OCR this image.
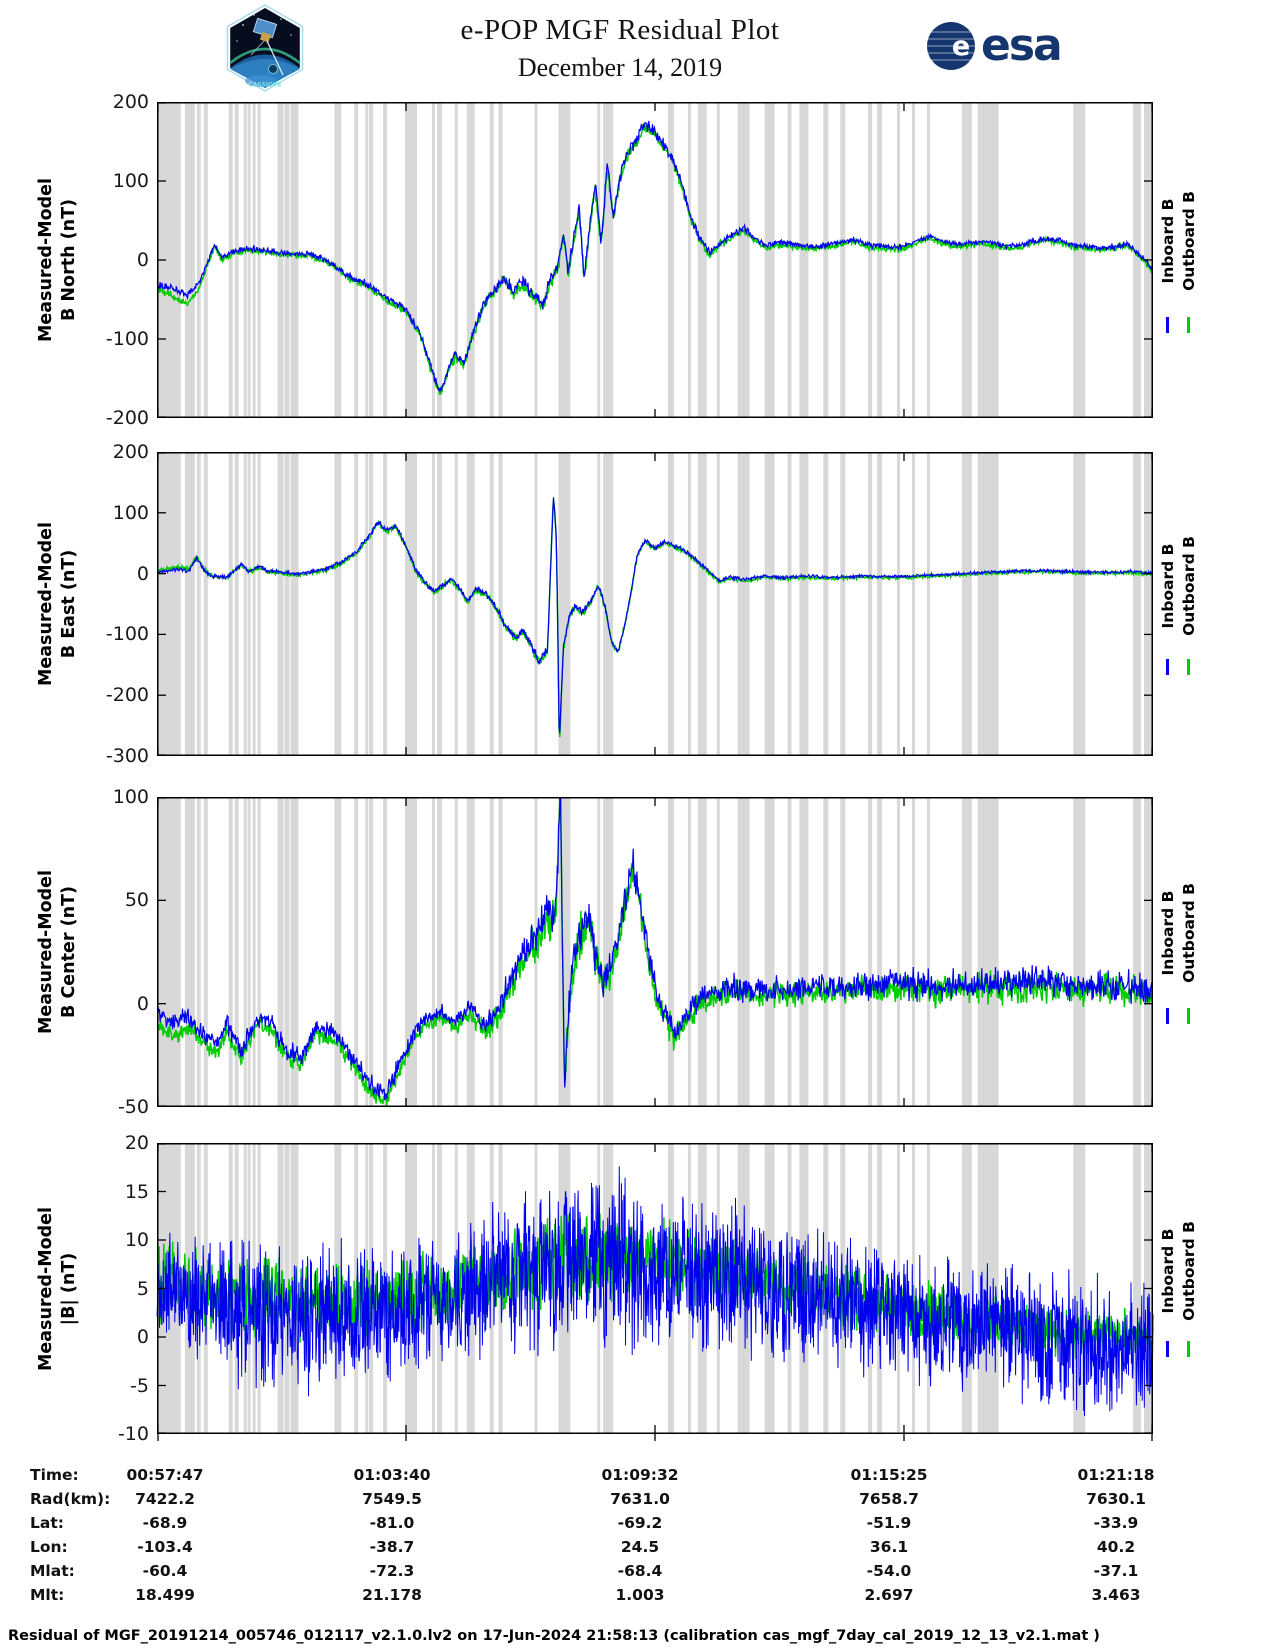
CASSIOPE
e-POP MGF Residual Plot
December 14, 2019
e esa
Residual of MGF_20191214_005746_012117_v2.1.0.lv2 on 17-Jun-2024 21:58:13 (calibration cas_mgf_7day_cal_2019_12_13_v2.1.mat )
200
100
0
-100
-200
Measured-Model B North (nT)	Inboard B Outboard B
200
100
0
-100
-200
-300
Measured-Model B East (nT)	Inboard B Outboard B
100
50
0
-50
Measured-Model B Center (nT)	Inboard B Outboard B
20
15
10
5
0
-5
-10
Measured-Model |B| (nT)	Inboard B Outboard B
Time:	00:57:47	01:03:40	01:09:32	01:15:25	01:21:18
Rad(km):	7422.2	7549.5	7631.0	7658.7	7630.1
Lat:	-68.9	-81.0	-69.2	-51.9	-33.9
Lon:	-103.4	-38.7	24.5	36.1	40.2
Mlat:	-60.4	-72.3	-68.4	-54.0	-37.1
Mlt:	18.499	21.178	1.003	2.697	3.463
